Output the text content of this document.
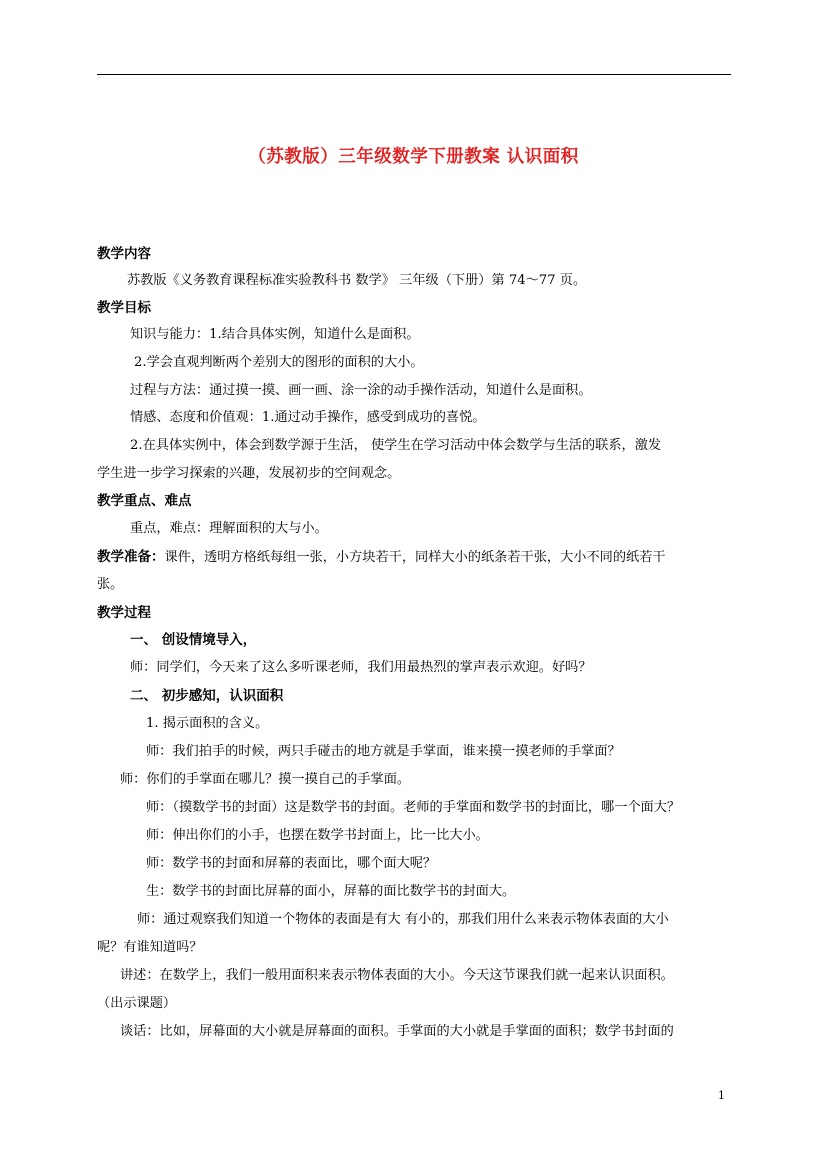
（苏教版）三年级数学下册教案 认识面积
教学内容
苏教版《义务教育课程标准实验教科书 数学》 三年级（下册）第 74～77 页。
教学目标
知识与能力：1.结合具体实例，知道什么是面积。
2.学会直观判断两个差别大的图形的面积的大小。
过程与方法：通过摸一摸、画一画、涂一涂的动手操作活动，知道什么是面积。
情感、态度和价值观：1.通过动手操作，感受到成功的喜悦。
2.在具体实例中，体会到数学源于生活， 使学生在学习活动中体会数学与生活的联系，激发
学生进一步学习探索的兴趣，发展初步的空间观念。
教学重点、难点
重点，难点：理解面积的大与小。
教学准备：课件，透明方格纸每组一张，小方块若干，同样大小的纸条若干张，大小不同的纸若干
张。
教学过程
一、 创设情境导入，
师：同学们，今天来了这么多听课老师，我们用最热烈的掌声表示欢迎。好吗？
二、 初步感知，认识面积
1. 揭示面积的含义。
师：我们拍手的时候，两只手碰击的地方就是手掌面，谁来摸一摸老师的手掌面？
师：你们的手掌面在哪儿？摸一摸自己的手掌面。
师：（摸数学书的封面）这是数学书的封面。老师的手掌面和数学书的封面比，哪一个面大？
师：伸出你们的小手，也摆在数学书封面上，比一比大小。
师：数学书的封面和屏幕的表面比，哪个面大呢？
生：数学书的封面比屏幕的面小，屏幕的面比数学书的封面大。
师：通过观察我们知道一个物体的表面是有大 有小的，那我们用什么来表示物体表面的大小
呢？有谁知道吗？
讲述：在数学上，我们一般用面积来表示物体表面的大小。今天这节课我们就一起来认识面积。
（出示课题）
谈话：比如，屏幕面的大小就是屏幕面的面积。手掌面的大小就是手掌面的面积；数学书封面的
1
